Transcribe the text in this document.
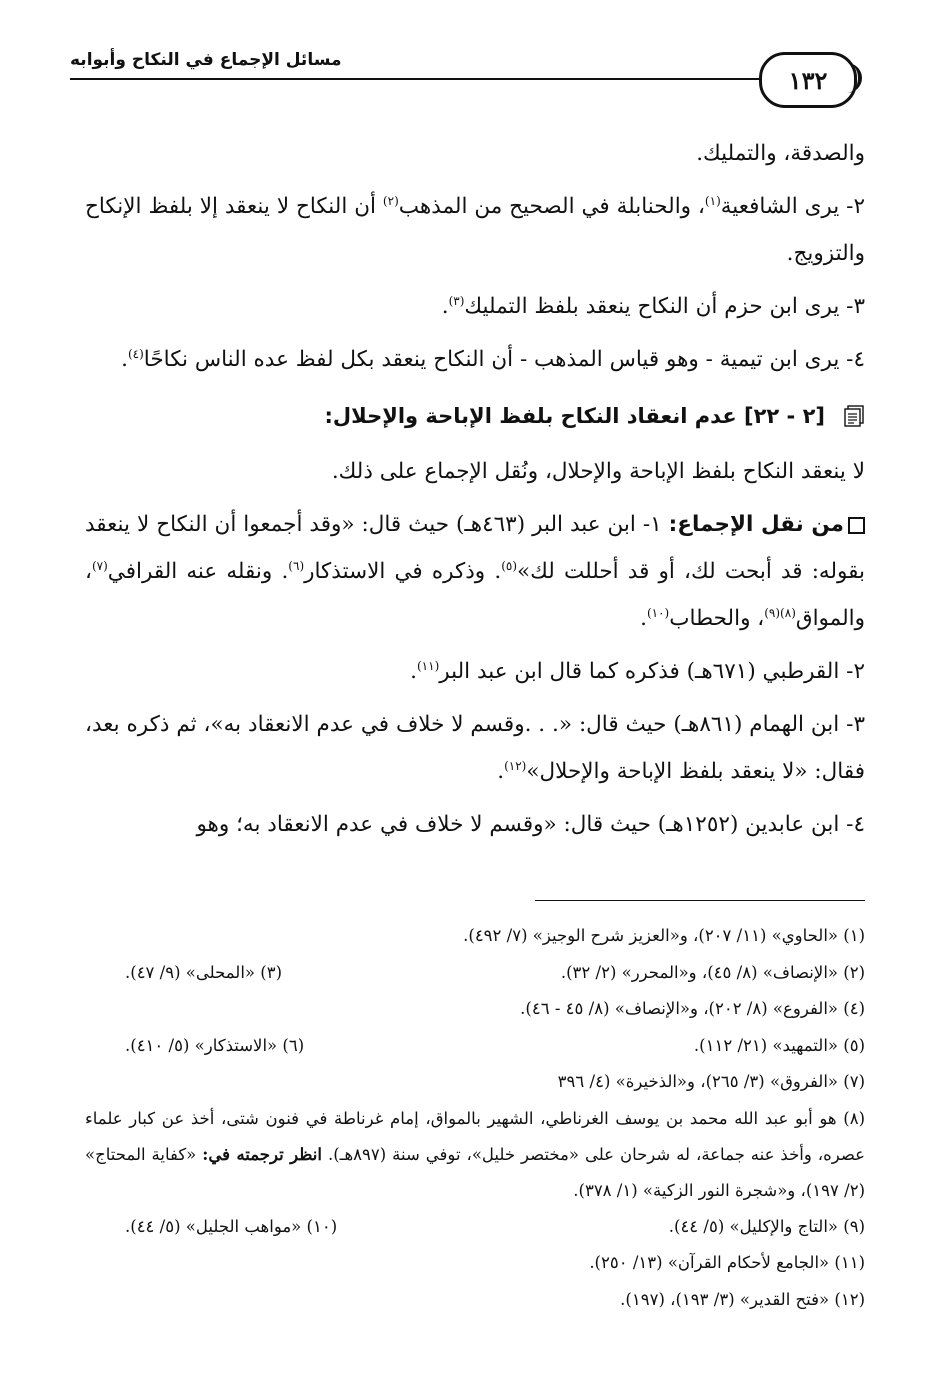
مسائل الإجماع في النكاح وأبوابه
١٣٢

والصدقة، والتمليك.

٢- يرى الشافعية$^{(١)}$، والحنابلة في الصحيح من المذهب$^{(٢)}$ أن النكاح لا ينعقد إلا بلفظ الإنكاح والتزويج.

٣- يرى ابن حزم أن النكاح ينعقد بلفظ التمليك$^{(٣)}$.

٤- يرى ابن تيمية - وهو قياس المذهب - أن النكاح ينعقد بكل لفظ عده الناس نكاحًا$^{(٤)}$.

[٢ - ٢٢] عدم انعقاد النكاح بلفظ الإباحة والإحلال:

لا ينعقد النكاح بلفظ الإباحة والإحلال، ونُقل الإجماع على ذلك.

من نقل الإجماع: ١- ابن عبد البر (٤٦٣هـ) حيث قال: «وقد أجمعوا أن النكاح لا ينعقد بقوله: قد أبحت لك، أو قد أحللت لك»$^{(٥)}$. وذكره في الاستذكار$^{(٦)}$. ونقله عنه القرافي$^{(٧)}$، والمواق$^{(٨)(٩)}$، والحطاب$^{(١٠)}$.

٢- القرطبي (٦٧١هـ) فذكره كما قال ابن عبد البر$^{(١١)}$.

٣- ابن الهمام (٨٦١هـ) حيث قال: «. . .وقسم لا خلاف في عدم الانعقاد به»، ثم ذكره بعد، فقال: «لا ينعقد بلفظ الإباحة والإحلال»$^{(١٢)}$.

٤- ابن عابدين (١٢٥٢هـ) حيث قال: «وقسم لا خلاف في عدم الانعقاد به؛ وهو

(١) «الحاوي» (١١/ ٢٠٧)، و«العزيز شرح الوجيز» (٧/ ٤٩٢).
(٢) «الإنصاف» (٨/ ٤٥)، و«المحرر» (٢/ ٣٢).
(٣) «المحلى» (٩/ ٤٧).
(٤) «الفروع» (٨/ ٢٠٢)، و«الإنصاف» (٨/ ٤٥ - ٤٦).
(٥) «التمهيد» (٢١/ ١١٢).
(٦) «الاستذكار» (٥/ ٤١٠).
(٧) «الفروق» (٣/ ٢٦٥)، و«الذخيرة» (٤/ ٣٩٦
(٨) هو أبو عبد الله محمد بن يوسف الغرناطي، الشهير بالمواق، إمام غرناطة في فنون شتى، أخذ عن كبار علماء عصره، وأخذ عنه جماعة، له شرحان على «مختصر خليل»، توفي سنة (٨٩٧هـ). انظر ترجمته في: «كفاية المحتاج» (٢/ ١٩٧)، و«شجرة النور الزكية» (١/ ٣٧٨).
(٩) «التاج والإكليل» (٥/ ٤٤).
(١٠) «مواهب الجليل» (٥/ ٤٤).
(١١) «الجامع لأحكام القرآن» (١٣/ ٢٥٠).
(١٢) «فتح القدير» (٣/ ١٩٣)، (١٩٧).
